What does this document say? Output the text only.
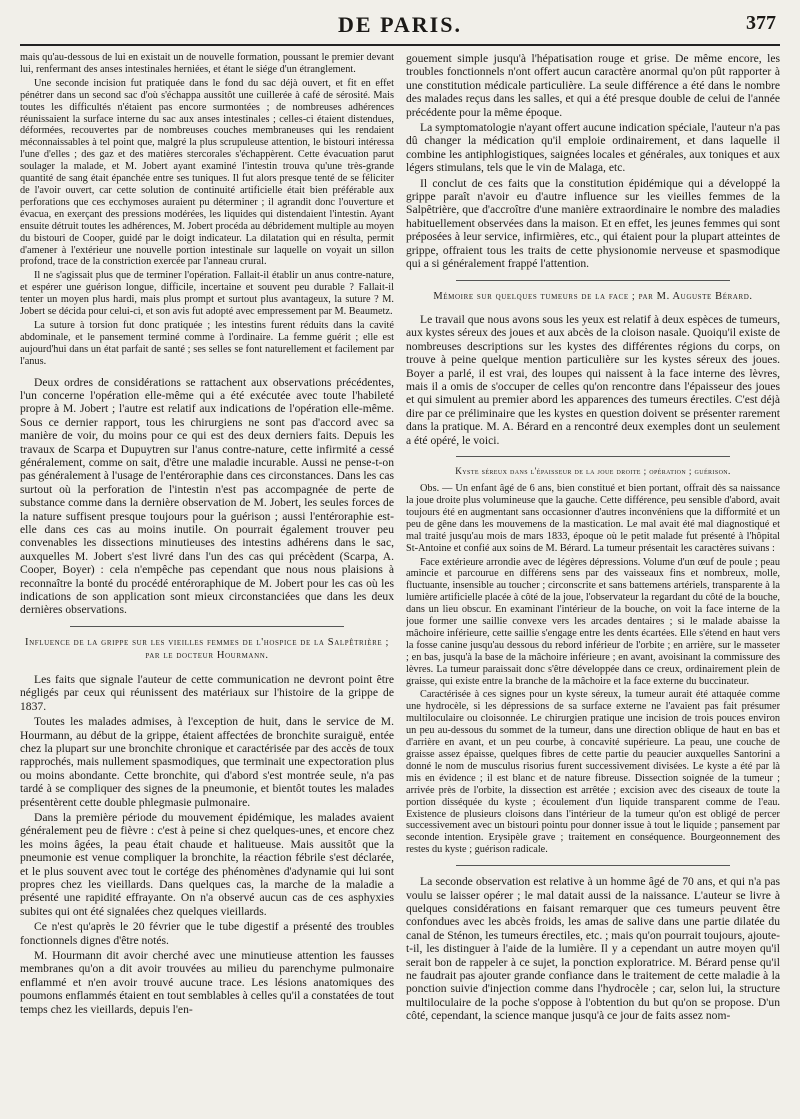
DE PARIS.	377

mais qu'au-dessous de lui en existait un de nouvelle formation, poussant le premier devant lui, renfermant des anses intestinales herniées, et étant le siége d'un étranglement.

Une seconde incision fut pratiquée dans le fond du sac déjà ouvert, et fit en effet pénétrer dans un second sac d'où s'échappa aussitôt une cuillerée à café de sérosité. Mais toutes les difficultés n'étaient pas encore surmontées ; de nombreuses adhérences réunissaient la surface interne du sac aux anses intestinales ; celles-ci étaient distendues, déformées, recouvertes par de nombreuses couches membraneuses qui les rendaient méconnaissables à tel point que, malgré la plus scrupuleuse attention, le bistouri intéressa l'une d'elles ; des gaz et des matières stercorales s'échappèrent. Cette évacuation parut soulager la malade, et M. Jobert ayant examiné l'intestin trouva qu'une très-grande quantité de sang était épanchée entre ses tuniques. Il fut alors presque tenté de se féliciter de l'avoir ouvert, car cette solution de continuité artificielle était bien préférable aux perforations que ces ecchymoses auraient pu déterminer ; il agrandit donc l'ouverture et évacua, en exerçant des pressions modérées, les liquides qui distendaient l'intestin. Ayant ensuite détruit toutes les adhérences, M. Jobert procéda au débridement multiple au moyen du bistouri de Cooper, guidé par le doigt indicateur. La dilatation qui en résulta, permit d'amener à l'extérieur une nouvelle portion intestinale sur laquelle on voyait un sillon profond, trace de la constriction exercée par l'anneau crural.

Il ne s'agissait plus que de terminer l'opération. Fallait-il établir un anus contre-nature, et espérer une guérison longue, difficile, incertaine et souvent peu durable ? Fallait-il tenter un moyen plus hardi, mais plus prompt et surtout plus avantageux, la suture ? M. Jobert se décida pour celui-ci, et son avis fut adopté avec empressement par M. Beaumetz.

La suture à torsion fut donc pratiquée ; les intestins furent réduits dans la cavité abdominale, et le pansement terminé comme à l'ordinaire. La femme guérit ; elle est aujourd'hui dans un état parfait de santé ; ses selles se font naturellement et facilement par l'anus.

Deux ordres de considérations se rattachent aux observations précédentes, l'un concerne l'opération elle-même qui a été exécutée avec toute l'habileté propre à M. Jobert ; l'autre est relatif aux indications de l'opération elle-même. Sous ce dernier rapport, tous les chirurgiens ne sont pas d'accord avec sa manière de voir, du moins pour ce qui est des deux derniers faits. Depuis les travaux de Scarpa et Dupuytren sur l'anus contre-nature, cette infirmité a cessé généralement, comme on sait, d'être une maladie incurable. Aussi ne pense-t-on pas généralement à l'usage de l'entéroraphie dans ces circonstances. Dans les cas surtout où la perforation de l'intestin n'est pas accompagnée de perte de substance comme dans la dernière observation de M. Jobert, les seules forces de la nature suffisent presque toujours pour la guérison ; aussi l'entéroraphie est-elle dans ces cas au moins inutile. On pourrait également trouver peu convenables les dissections minutieuses des intestins adhérens dans le sac, auxquelles M. Jobert s'est livré dans l'un des cas qui précèdent (Scarpa, A. Cooper, Boyer) : cela n'empêche pas cependant que nous nous plaisions à reconnaître la bonté du procédé entéroraphique de M. Jobert pour les cas où les indications de son application sont mieux circonstanciées que dans les deux dernières observations.

Influence de la grippe sur les vieilles femmes de l'hospice de la Salpêtrière ; par le docteur Hourmann.

Les faits que signale l'auteur de cette communication ne devront point être négligés par ceux qui réunissent des matériaux sur l'histoire de la grippe de 1837.

Toutes les malades admises, à l'exception de huit, dans le service de M. Hourmann, au début de la grippe, étaient affectées de bronchite suraiguë, entée chez la plupart sur une bronchite chronique et caractérisée par des accès de toux rapprochés, mais nullement spasmodiques, que terminait une expectoration plus ou moins abondante. Cette bronchite, qui d'abord s'est montrée seule, n'a pas tardé à se compliquer des signes de la pneumonie, et bientôt toutes les malades présentèrent cette double phlegmasie pulmonaire.

Dans la première période du mouvement épidémique, les malades avaient généralement peu de fièvre : c'est à peine si chez quelques-unes, et encore chez les moins âgées, la peau était chaude et halitueuse. Mais aussitôt que la pneumonie est venue compliquer la bronchite, la réaction fébrile s'est déclarée, et le plus souvent avec tout le cortége des phénomènes d'adynamie qui lui sont propres chez les vieillards. Dans quelques cas, la marche de la maladie a présenté une rapidité effrayante. On n'a observé aucun cas de ces asphyxies subites qui ont été signalées chez quelques vieillards.

Ce n'est qu'après le 20 février que le tube digestif a présenté des troubles fonctionnels dignes d'être notés.

M. Hourmann dit avoir cherché avec une minutieuse attention les fausses membranes qu'on a dit avoir trouvées au milieu du parenchyme pulmonaire enflammé et n'en avoir trouvé aucune trace. Les lésions anatomiques des poumons enflammés étaient en tout semblables à celles qu'il a constatées de tout temps chez les vieillards, depuis l'en-

gouement simple jusqu'à l'hépatisation rouge et grise. De même encore, les troubles fonctionnels n'ont offert aucun caractère anormal qu'on pût rapporter à une constitution médicale particulière. La seule différence a été dans le nombre des malades reçus dans les salles, et qui a été presque double de celui de l'année précédente pour la même époque.

La symptomatologie n'ayant offert aucune indication spéciale, l'auteur n'a pas dû changer la médication qu'il emploie ordinairement, et dans laquelle il combine les antiphlogistiques, saignées locales et générales, aux toniques et aux légers stimulans, tels que le vin de Malaga, etc.

Il conclut de ces faits que la constitution épidémique qui a développé la grippe paraît n'avoir eu d'autre influence sur les vieilles femmes de la Salpêtrière, que d'accroître d'une manière extraordinaire le nombre des maladies habituellement observées dans la maison. Et en effet, les jeunes femmes qui sont préposées à leur service, infirmières, etc., qui étaient pour la plupart atteintes de grippe, offraient tous les traits de cette physionomie nerveuse et spasmodique qui a si généralement frappé l'attention.

Mémoire sur quelques tumeurs de la face ; par M. Auguste Bérard.

Le travail que nous avons sous les yeux est relatif à deux espèces de tumeurs, aux kystes séreux des joues et aux abcès de la cloison nasale. Quoiqu'il existe de nombreuses descriptions sur les kystes des différentes régions du corps, on trouve à peine quelque mention particulière sur les kystes séreux des joues. Boyer a parlé, il est vrai, des loupes qui naissent à la face interne des lèvres, mais il a omis de s'occuper de celles qu'on rencontre dans l'épaisseur des joues et qui simulent au premier abord les apparences des tumeurs érectiles. C'est déjà dire par ce préliminaire que les kystes en question doivent se présenter rarement dans la pratique. M. A. Bérard en a rencontré deux exemples dont un seulement a été opéré, le voici.

Kyste séreux dans l'épaisseur de la joue droite ; opération ; guérison.

Obs. — Un enfant âgé de 6 ans, bien constitué et bien portant, offrait dès sa naissance la joue droite plus volumineuse que la gauche. Cette différence, peu sensible d'abord, avait toujours été en augmentant sans occasionner d'autres inconvéniens que la difformité et un peu de gêne dans les mouvemens de la mastication. Le mal avait été mal diagnostiqué et mal traité jusqu'au mois de mars 1833, époque où le petit malade fut présenté à l'hôpital St-Antoine et confié aux soins de M. Bérard. La tumeur présentait les caractères suivans :

Face extérieure arrondie avec de légères dépressions. Volume d'un œuf de poule ; peau amincie et parcourue en différens sens par des vaisseaux fins et nombreux, molle, fluctuante, insensible au toucher ; circonscrite et sans battemens artériels, transparente à la lumière artificielle placée à côté de la joue, l'observateur la regardant du côté de la bouche, dans un lieu obscur. En examinant l'intérieur de la bouche, on voit la face interne de la joue former une saillie convexe vers les arcades dentaires ; si le malade abaisse la mâchoire inférieure, cette saillie s'engage entre les dents écartées. Elle s'étend en haut vers la fosse canine jusqu'au dessous du rebord inférieur de l'orbite ; en arrière, sur le masseter ; en bas, jusqu'à la base de la mâchoire inférieure ; en avant, avoisinant la commissure des lèvres. La tumeur paraissait donc s'être développée dans ce creux, ordinairement plein de graisse, qui existe entre la branche de la mâchoire et la face externe du buccinateur.

Caractérisée à ces signes pour un kyste séreux, la tumeur aurait été attaquée comme une hydrocèle, si les dépressions de sa surface externe ne l'avaient pas fait présumer multiloculaire ou cloisonnée. Le chirurgien pratique une incision de trois pouces environ un peu au-dessous du sommet de la tumeur, dans une direction oblique de haut en bas et d'arrière en avant, et un peu courbe, à concavité supérieure. La peau, une couche de graisse assez épaisse, quelques fibres de cette partie du peaucier auxquelles Santorini a donné le nom de musculus risorius furent successivement divisées. Le kyste a été par là mis en évidence ; il est blanc et de nature fibreuse. Dissection soignée de la tumeur ; arrivée près de l'orbite, la dissection est arrêtée ; excision avec des ciseaux de toute la portion disséquée du kyste ; écoulement d'un liquide transparent comme de l'eau. Existence de plusieurs cloisons dans l'intérieur de la tumeur qu'on est obligé de percer successivement avec un bistouri pointu pour donner issue à tout le liquide ; pansement par seconde intention. Erysipèle grave ; traitement en conséquence. Bourgeonnement des restes du kyste ; guérison radicale.

La seconde observation est relative à un homme âgé de 70 ans, et qui n'a pas voulu se laisser opérer ; le mal datait aussi de la naissance. L'auteur se livre à quelques considérations en faisant remarquer que ces tumeurs peuvent être confondues avec les abcès froids, les amas de salive dans une partie dilatée du canal de Sténon, les tumeurs érectiles, etc. ; mais qu'on pourrait toujours, ajoute-t-il, les distinguer à l'aide de la lumière. Il y a cependant un autre moyen qu'il serait bon de rappeler à ce sujet, la ponction exploratrice. M. Bérard pense qu'il ne faudrait pas ajouter grande confiance dans le traitement de cette maladie à la ponction suivie d'injection comme dans l'hydrocèle ; car, selon lui, la structure multiloculaire de la poche s'oppose à l'obtention du but qu'on se propose. D'un côté, cependant, la science manque jusqu'à ce jour de faits assez nom-
